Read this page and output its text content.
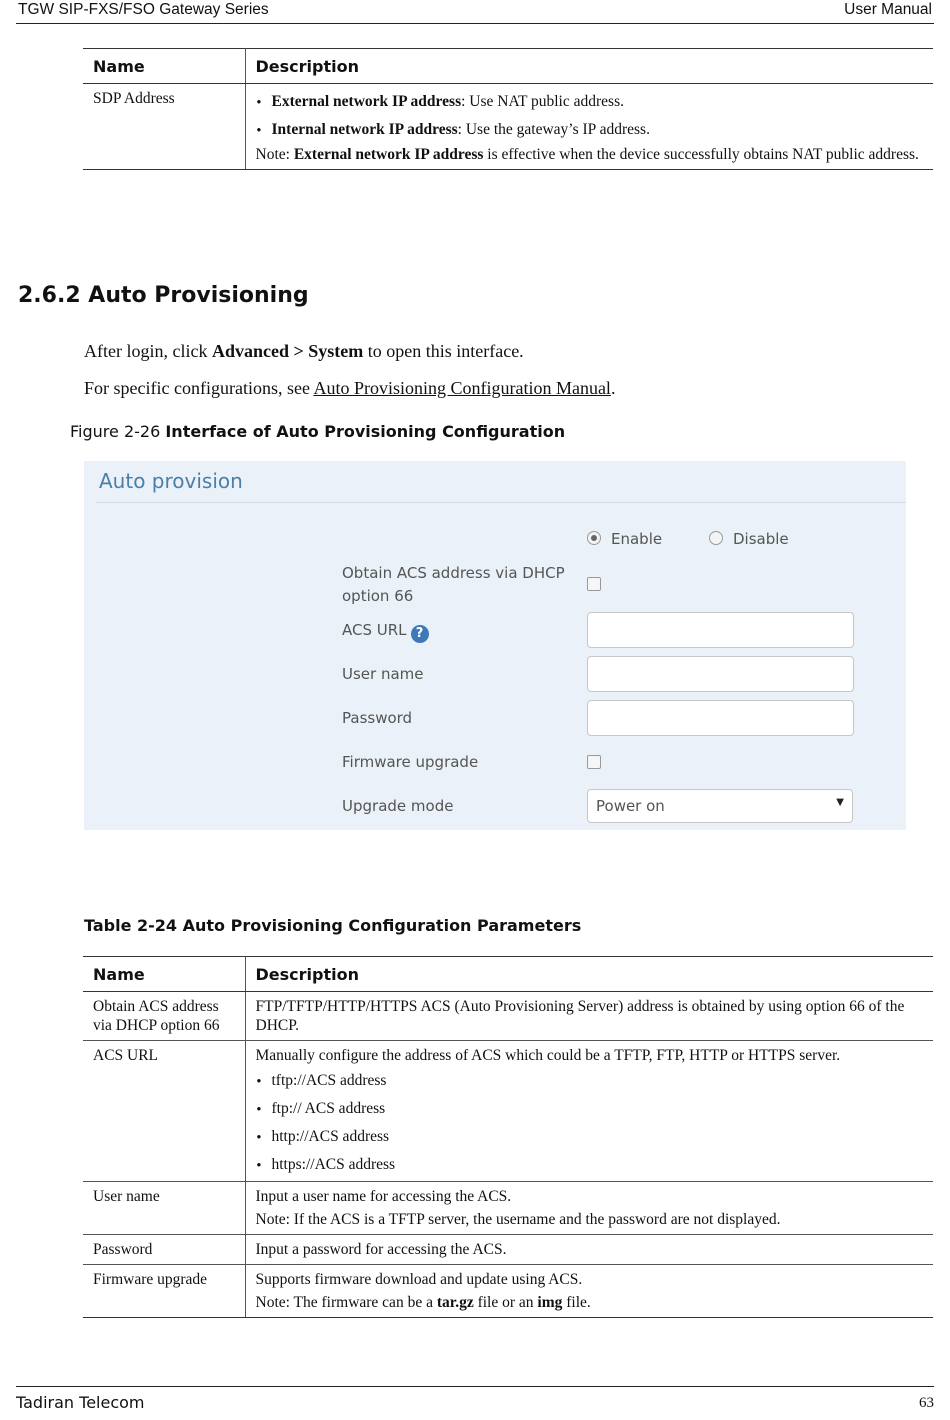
TGW SIP-FXS/FSO Gateway Series	User Manual
Name	Description
SDP Address	● External network IP address: Use NAT public address.
● Internal network IP address: Use the gateway’s IP address.
Note: External network IP address is effective when the device successfully obtains NAT public address.
2.6.2 Auto Provisioning
After login, click Advanced > System to open this interface.
For specific configurations, see Auto Provisioning Configuration Manual.
Figure 2-26 Interface of Auto Provisioning Configuration
Auto provision
Enable	Disable
Obtain ACS address via DHCP option 66
ACS URL ?
User name
Password
Firmware upgrade
Upgrade mode	Power on	▼
Table 2-24 Auto Provisioning Configuration Parameters
Name	Description
Obtain ACS address via DHCP option 66	FTP/TFTP/HTTP/HTTPS ACS (Auto Provisioning Server) address is obtained by using option 66 of the DHCP.
ACS URL	Manually configure the address of ACS which could be a TFTP, FTP, HTTP or HTTPS server.
● tftp://ACS address
● ftp:// ACS address
● http://ACS address
● https://ACS address

User name	Input a user name for accessing the ACS.
Note: If the ACS is a TFTP server, the username and the password are not displayed.

Password	Input a password for accessing the ACS.
Firmware upgrade	Supports firmware download and update using ACS.
Note: The firmware can be a tar.gz file or an img file.
Tadiran Telecom	63
